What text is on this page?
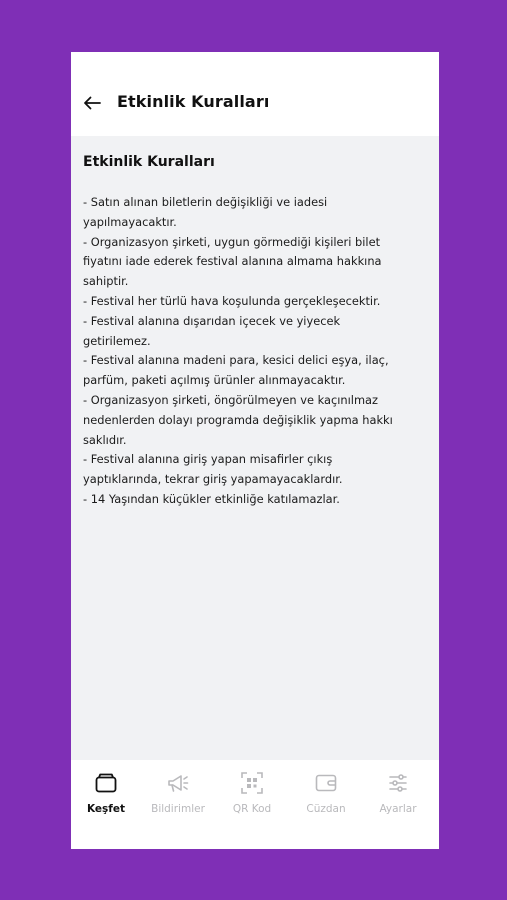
Etkinlik Kuralları
Etkinlik Kuralları
- Satın alınan biletlerin değişikliği ve iadesi
yapılmayacaktır.
- Organizasyon şirketi, uygun görmediği kişileri bilet
fiyatını iade ederek festival alanına almama hakkına
sahiptir.
- Festival her türlü hava koşulunda gerçekleşecektir.
- Festival alanına dışarıdan içecek ve yiyecek
getirilemez.
- Festival alanına madeni para, kesici delici eşya, ilaç,
parfüm, paketi açılmış ürünler alınmayacaktır.
- Organizasyon şirketi, öngörülmeyen ve kaçınılmaz
nedenlerden dolayı programda değişiklik yapma hakkı
saklıdır.
- Festival alanına giriş yapan misafirler çıkış
yaptıklarında, tekrar giriş yapamayacaklardır.
- 14 Yaşından küçükler etkinliğe katılamazlar.
Keşfet	Bildirimler	QR Kod	Cüzdan	Ayarlar
